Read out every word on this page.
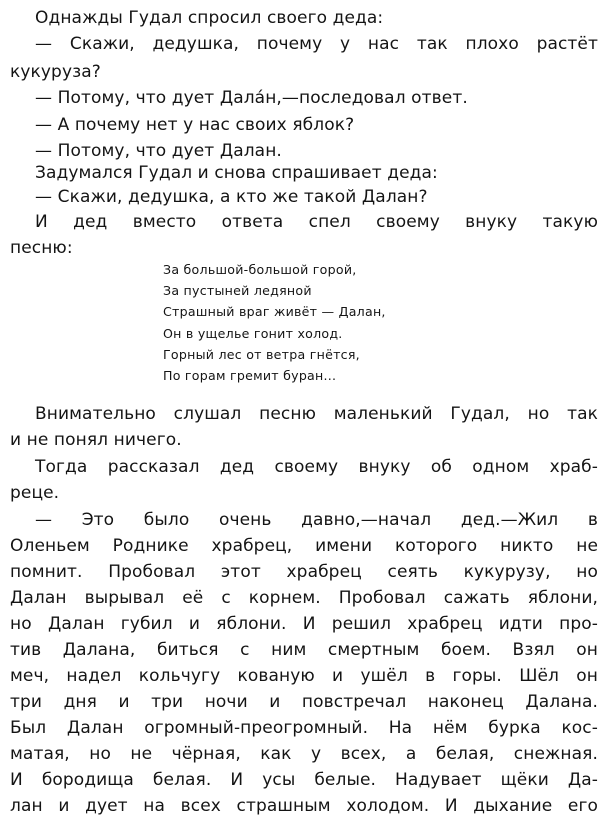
Однажды Гудал спросил своего деда:
— Скажи, дедушка, почему у нас так плохо растёт
кукуруза?
— Потому, что дует Дала́н,—последовал ответ.
— А почему нет у нас своих яблок?
— Потому, что дует Далан.
Задумался Гудал и снова спрашивает деда:
— Скажи, дедушка, а кто же такой Далан?
И дед вместо ответа спел своему внуку такую
песню:
За большой-большой горой,
За пустыней ледяной
Страшный враг живёт — Далан,
Он в ущелье гонит холод.
Горный лес от ветра гнётся,
По горам гремит буран...
Внимательно слушал песню маленький Гудал, но так
и не понял ничего.
Тогда рассказал дед своему внуку об одном храб-
реце.
— Это было очень давно,—начал дед.—Жил в
Оленьем Роднике храбрец, имени которого никто не
помнит. Пробовал этот храбрец сеять кукурузу, но
Далан вырывал её с корнем. Пробовал сажать яблони,
но Далан губил и яблони. И решил храбрец идти про-
тив Далана, биться с ним смертным боем. Взял он
меч, надел кольчугу кованую и ушёл в горы. Шёл он
три дня и три ночи и повстречал наконец Далана.
Был Далан огромный-преогромный. На нём бурка кос-
матая, но не чёрная, как у всех, а белая, снежная.
И бородища белая. И усы белые. Надувает щёки Да-
лан и дует на всех страшным холодом. И дыхание его
